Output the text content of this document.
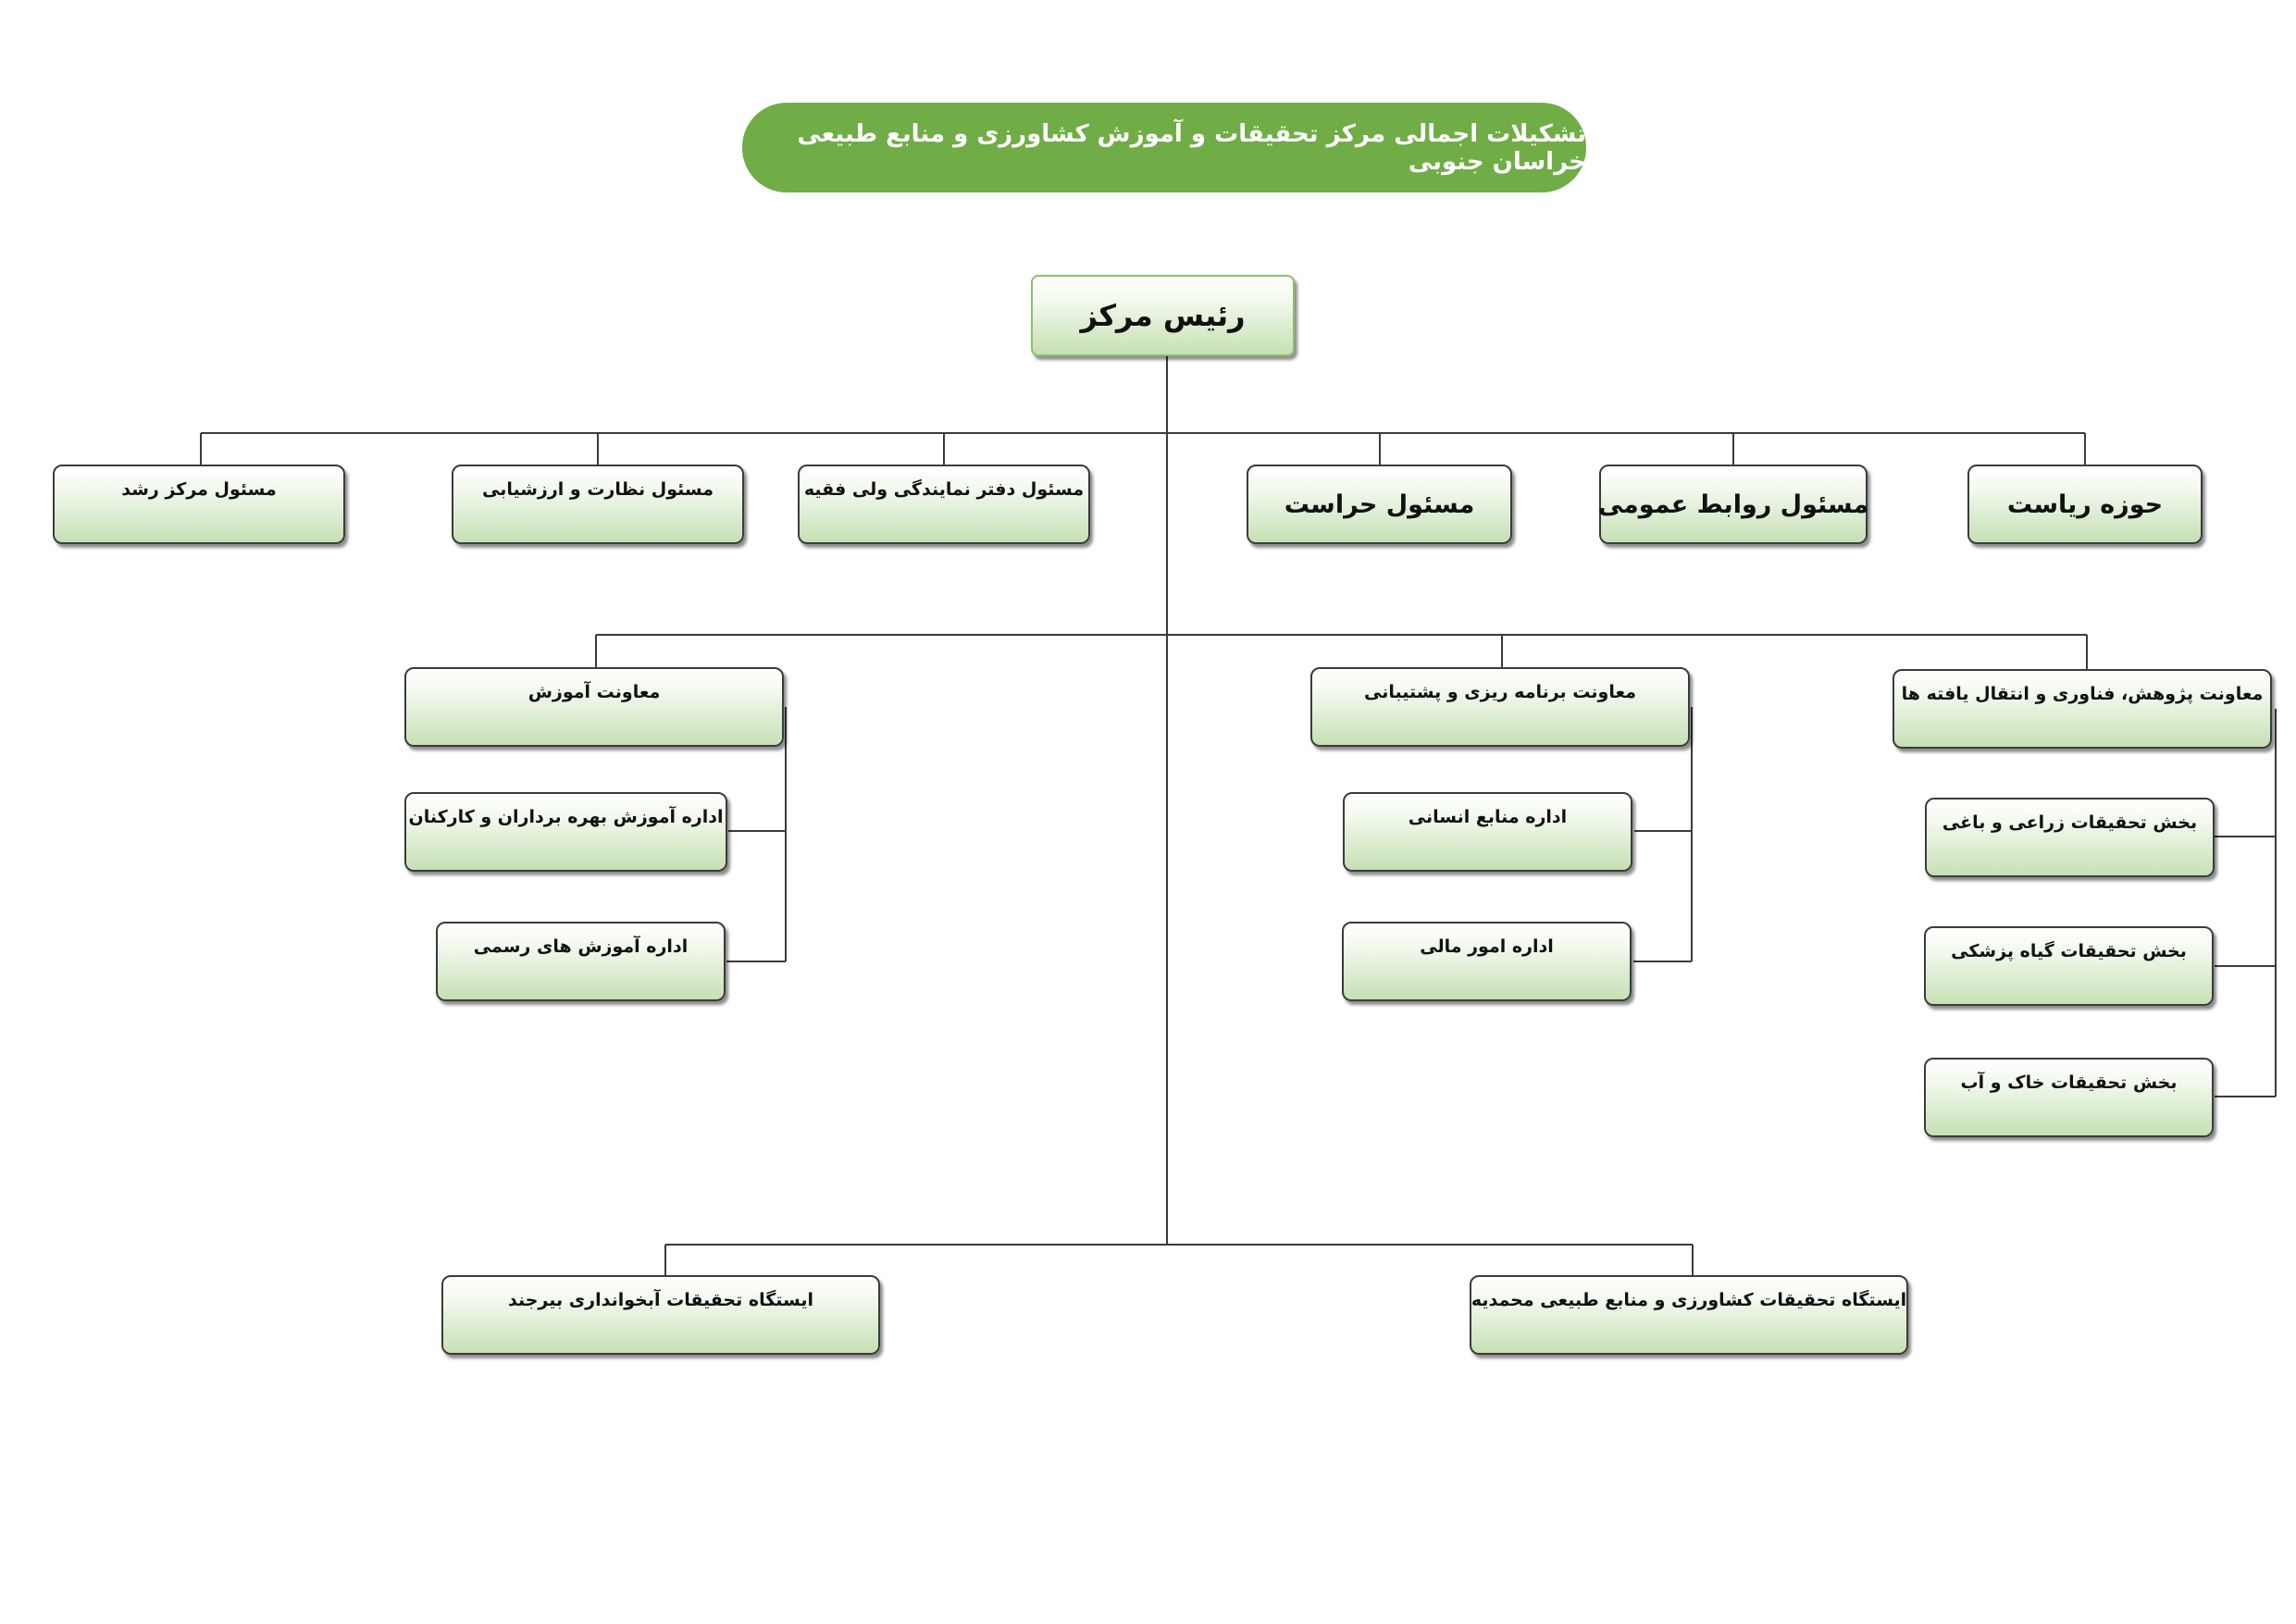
تشکیلات اجمالی مرکز تحقیقات و آموزش کشاورزی و منابع طبیعی خراسان جنوبی
رئیس مرکز
حوزه ریاست
مسئول روابط عمومی
مسئول حراست
مسئول دفتر نمایندگی ولی فقیه
مسئول نظارت و ارزشیابی
مسئول مرکز رشد
معاونت پژوهش، فناوری و انتقال یافته ها
معاونت برنامه ریزی و پشتیبانی
معاونت آموزش
بخش تحقیقات زراعی و باغی
بخش تحقیقات گیاه پزشکی
بخش تحقیقات خاک و آب
اداره منابع انسانی
اداره امور مالی
اداره آموزش بهره برداران و کارکنان
اداره آموزش های رسمی
ایستگاه تحقیقات کشاورزی و منابع طبیعی محمدیه
ایستگاه تحقیقات آبخوانداری بیرجند
